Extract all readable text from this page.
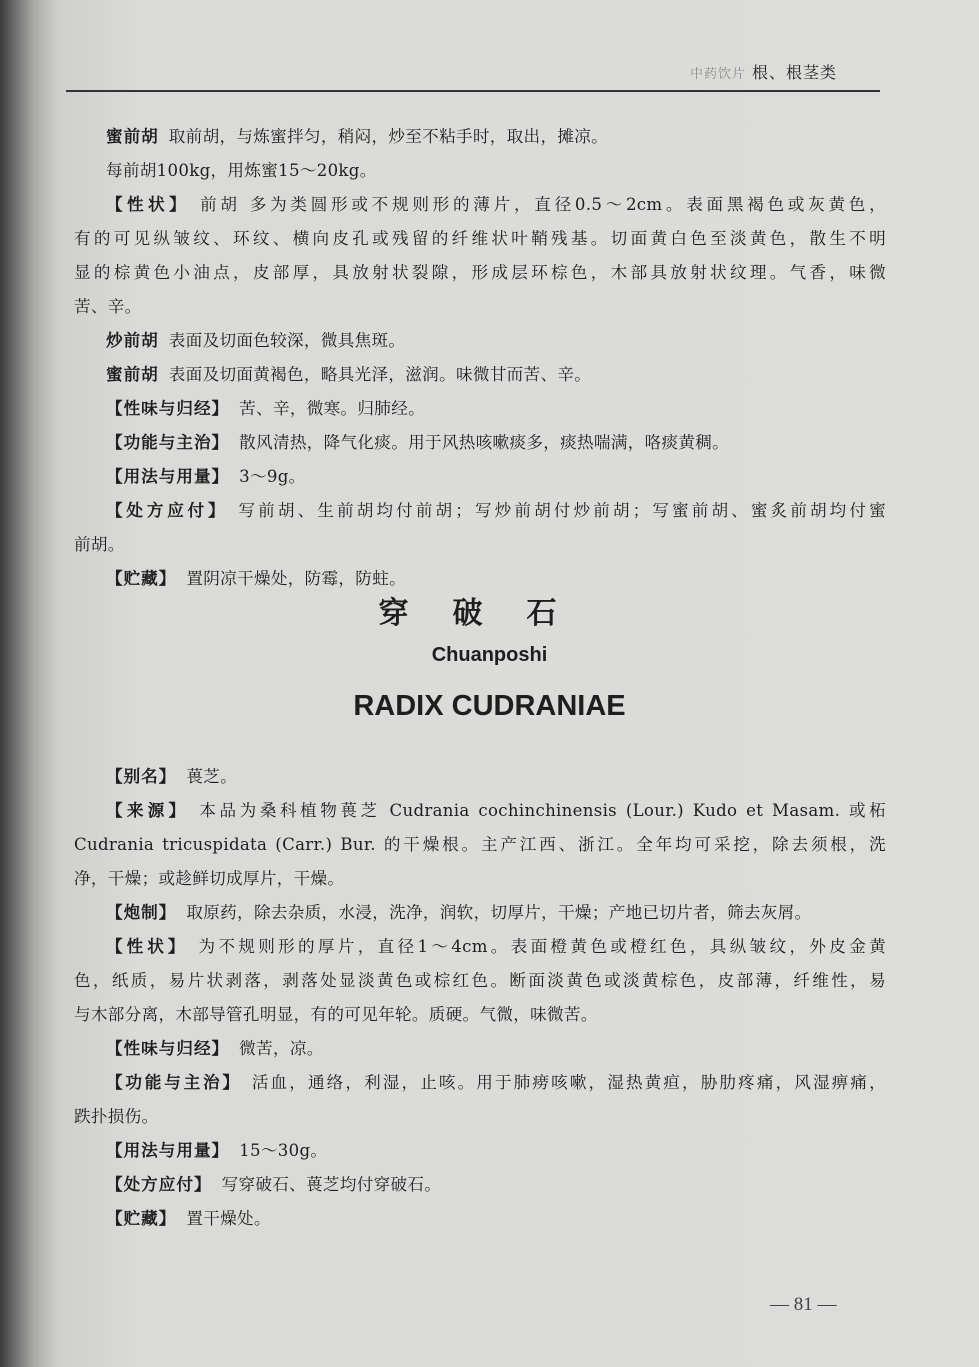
中药饮片 根、根茎类
蜜前胡 取前胡，与炼蜜拌匀，稍闷，炒至不粘手时，取出，摊凉。
每前胡100kg，用炼蜜15～20kg。
【性状】 前胡 多为类圆形或不规则形的薄片，直径0.5～2cm。表面黑褐色或灰黄色，
有的可见纵皱纹、环纹、横向皮孔或残留的纤维状叶鞘残基。切面黄白色至淡黄色，散生不明
显的棕黄色小油点，皮部厚，具放射状裂隙，形成层环棕色，木部具放射状纹理。气香，味微
苦、辛。
炒前胡 表面及切面色较深，微具焦斑。
蜜前胡 表面及切面黄褐色，略具光泽，滋润。味微甘而苦、辛。
【性味与归经】 苦、辛，微寒。归肺经。
【功能与主治】 散风清热，降气化痰。用于风热咳嗽痰多，痰热喘满，咯痰黄稠。
【用法与用量】 3～9g。
【处方应付】 写前胡、生前胡均付前胡；写炒前胡付炒前胡；写蜜前胡、蜜炙前胡均付蜜
前胡。
【贮藏】 置阴凉干燥处，防霉，防蛀。
穿破石
Chuanposhi
RADIX CUDRANIAE
【别名】 葨芝。
【来源】 本品为桑科植物葨芝 Cudrania cochinchinensis (Lour.) Kudo et Masam. 或柘
Cudrania tricuspidata (Carr.) Bur. 的干燥根。主产江西、浙江。全年均可采挖，除去须根，洗
净，干燥；或趁鲜切成厚片，干燥。
【炮制】 取原药，除去杂质，水浸，洗净，润软，切厚片，干燥；产地已切片者，筛去灰屑。
【性状】 为不规则形的厚片，直径1～4cm。表面橙黄色或橙红色，具纵皱纹，外皮金黄
色，纸质，易片状剥落，剥落处显淡黄色或棕红色。断面淡黄色或淡黄棕色，皮部薄，纤维性，易
与木部分离，木部导管孔明显，有的可见年轮。质硬。气微，味微苦。
【性味与归经】 微苦，凉。
【功能与主治】 活血，通络，利湿，止咳。用于肺痨咳嗽，湿热黄疸，胁肋疼痛，风湿痹痛，
跌扑损伤。
【用法与用量】 15～30g。
【处方应付】 写穿破石、葨芝均付穿破石。
【贮藏】 置干燥处。
— 81 —
